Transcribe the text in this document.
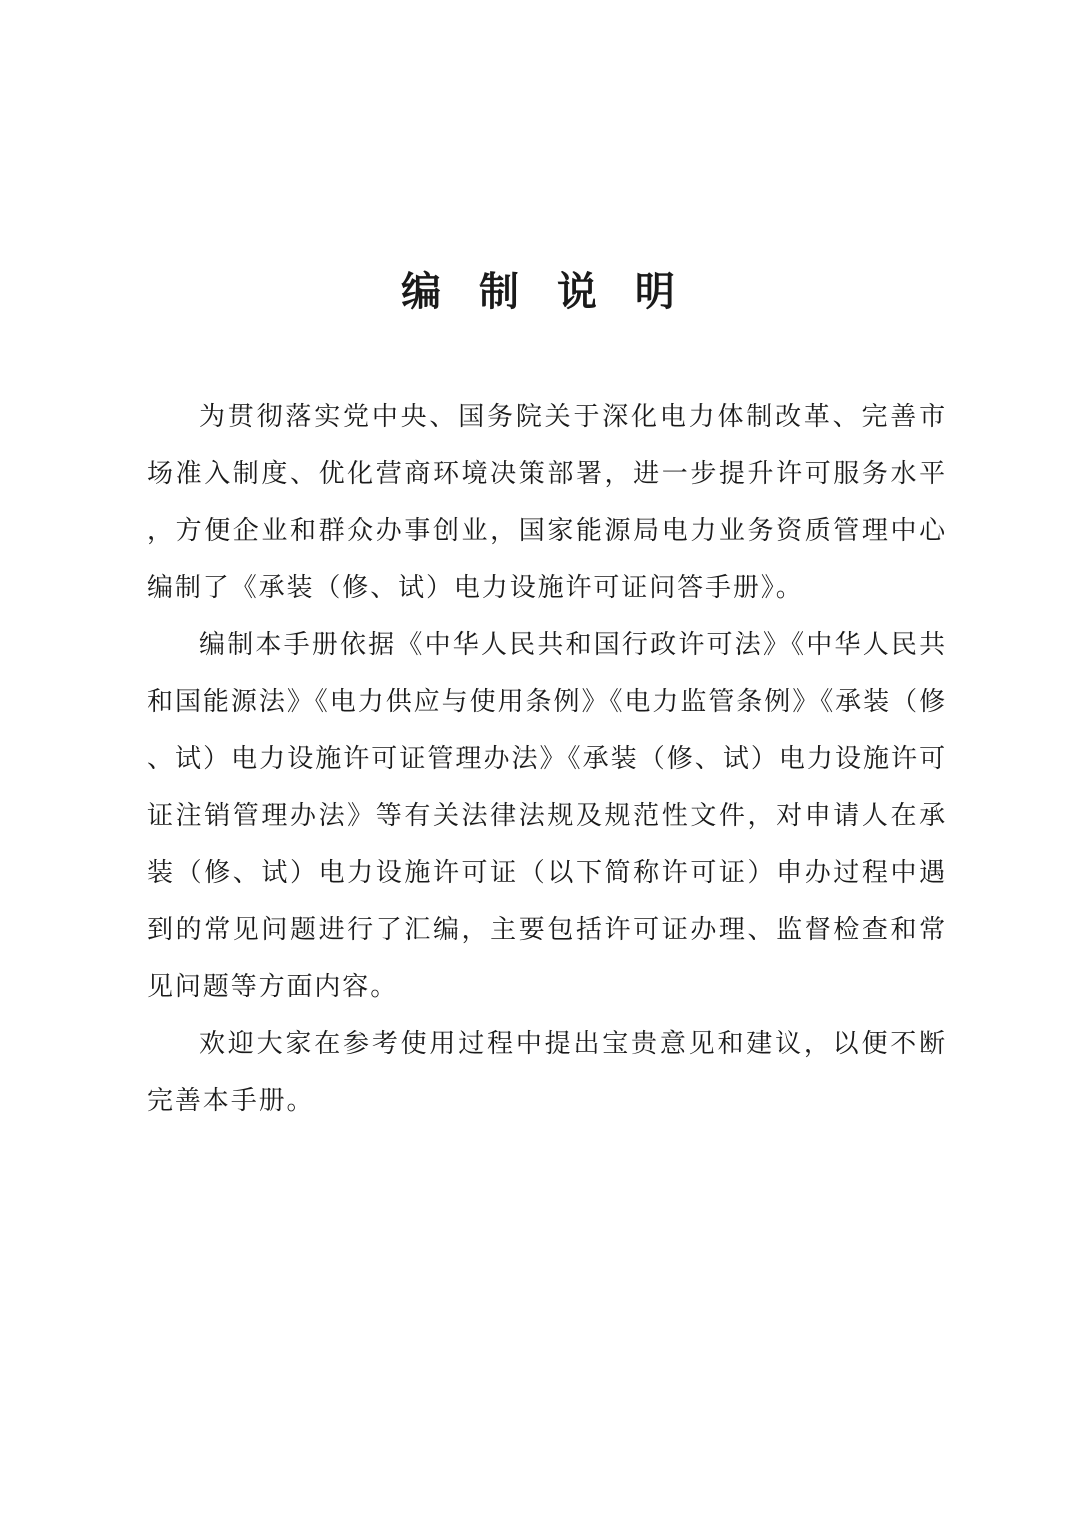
编 制 说 明

为贯彻落实党中央、国务院关于深化电力体制改革、完善市场准入制度、优化营商环境决策部署，进一步提升许可服务水平，方便企业和群众办事创业，国家能源局电力业务资质管理中心编制了《承装（修、试）电力设施许可证问答手册》。

编制本手册依据《中华人民共和国行政许可法》《中华人民共和国能源法》《电力供应与使用条例》《电力监管条例》《承装（修、试）电力设施许可证管理办法》《承装（修、试）电力设施许可证注销管理办法》等有关法律法规及规范性文件，对申请人在承装（修、试）电力设施许可证（以下简称许可证）申办过程中遇到的常见问题进行了汇编，主要包括许可证办理、监督检查和常见问题等方面内容。

欢迎大家在参考使用过程中提出宝贵意见和建议，以便不断完善本手册。
